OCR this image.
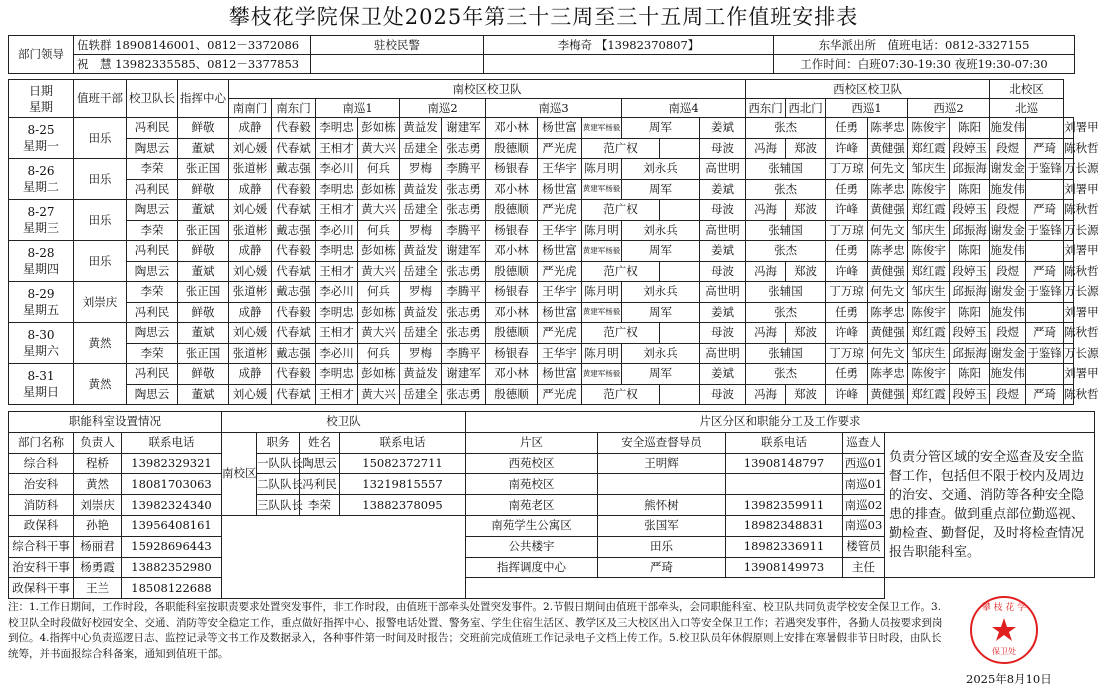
攀枝花学院保卫处2025年第三十三周至三十五周工作值班安排表
部门领导	伍轶群 18908146001、0812－3372086	驻校民警	李梅奇 【13982370807】	东华派出所　值班电话：0812-3327155
	祝　慧 13982335585、0812－3377853			工作时间：白班07:30-19:30 夜班19:30-07:30
日期
星期	值班干部	校卫队长	指挥中心	南校区校卫队												西校区校卫队						北校区		
				南南门	南东门	南巡1		南巡2		南巡3			南巡4			西东门	西北门	西巡1		西巡2		北巡		

8-25
星期一	田乐	冯利民	鲜敬	成静	代春毅	李明忠	彭如栋	黄益发	谢建军	邓小林	杨世富	黄建军杨毅	周军		姜斌	张杰		任勇	陈孝忠	陈俊宇	陈阳	施发伟		刘署甲
		陶思云	董斌	刘心媛	代春斌	王相才	黄大兴	岳建全	张志勇	殷德顺	严光虎	范广权			母波	冯海	郑波	许峰	黄健强	郑红霞	段婷玉	段煜	严琦	陈秋哲

8-26
星期二	田乐	李荣	张正国	张道彬	戴志强	李必川	何兵	罗梅	李腾平	杨银春	王华宇	陈月明	刘永兵		高世明	张辅国		丁万琼	何先文	邹庆生	邱振海	谢发金	于鉴锋	万长源
		冯利民	鲜敬	成静	代春毅	李明忠	彭如栋	黄益发	张志勇	邓小林	杨世富	黄建军杨毅	周军		姜斌	张杰		任勇	陈孝忠	陈俊宇	陈阳	施发伟		刘署甲

8-27
星期三	田乐	陶思云	董斌	刘心媛	代春斌	王相才	黄大兴	岳建全	张志勇	殷德顺	严光虎	范广权			母波	冯海	郑波	许峰	黄健强	郑红霞	段婷玉	段煜	严琦	陈秋哲
		李荣	张正国	张道彬	戴志强	李必川	何兵	罗梅	李腾平	杨银春	王华宇	陈月明	刘永兵		高世明	张辅国		丁万琼	何先文	邹庆生	邱振海	谢发金	于鉴锋	万长源

8-28
星期四	田乐	冯利民	鲜敬	成静	代春毅	李明忠	彭如栋	黄益发	谢建军	邓小林	杨世富	黄建军杨毅	周军		姜斌	张杰		任勇	陈孝忠	陈俊宇	陈阳	施发伟		刘署甲
		陶思云	董斌	刘心媛	代春斌	王相才	黄大兴	岳建全	张志勇	殷德顺	严光虎	范广权			母波	冯海	郑波	许峰	黄健强	郑红霞	段婷玉	段煜	严琦	陈秋哲

8-29
星期五	刘崇庆	李荣	张正国	张道彬	戴志强	李必川	何兵	罗梅	李腾平	杨银春	王华宇	陈月明	刘永兵		高世明	张辅国		丁万琼	何先文	邹庆生	邱振海	谢发金	于鉴锋	万长源
		冯利民	鲜敬	成静	代春毅	李明忠	彭如栋	黄益发	张志勇	邓小林	杨世富	黄建军杨毅	周军		姜斌	张杰		任勇	陈孝忠	陈俊宇	陈阳	施发伟		刘署甲

8-30
星期六	黄然	陶思云	董斌	刘心媛	代春斌	王相才	黄大兴	岳建全	张志勇	殷德顺	严光虎	范广权			母波	冯海	郑波	许峰	黄健强	郑红霞	段婷玉	段煜	严琦	陈秋哲
		李荣	张正国	张道彬	戴志强	李必川	何兵	罗梅	李腾平	杨银春	王华宇	陈月明	刘永兵		高世明	张辅国		丁万琼	何先文	邹庆生	邱振海	谢发金	于鉴锋	万长源

8-31
星期日	黄然	冯利民	鲜敬	成静	代春毅	李明忠	彭如栋	黄益发	谢建军	邓小林	杨世富	黄建军杨毅	周军		姜斌	张杰		任勇	陈孝忠	陈俊宇	陈阳	施发伟		刘署甲
		陶思云	董斌	刘心媛	代春斌	王相才	黄大兴	岳建全	张志勇	殷德顺	严光虎	范广权			母波	冯海	郑波	许峰	黄健强	郑红霞	段婷玉	段煜	严琦	陈秋哲
职能科室设置情况			校卫队				片区分区和职能分工及工作要求				
部门名称	负责人	联系电话	南校区	职务	姓名	联系电话	片区	安全巡查督导员	联系电话	巡查人	负责分管区域的安全巡查及安全监督工作，包括但不限于校内及周边的治安、交通、消防等各种安全隐患的排查。做到重点部位勤巡视、勤检查、勤督促，及时将检查情况报告职能科室。
综合科	程桥	13982329321		一队队长	陶思云	15082372711	西苑校区	王明辉	13908148797	西巡01	
治安科	黄然	18081703063		二队队长	冯利民	13219815557	南苑校区			南巡01	
消防科	刘崇庆	13982324340		三队队长	李荣	13882378095	南苑老区	熊怀树	13982359911	南巡02	
政保科	孙艳	13956408161					南苑学生公寓区	张国军	18982348831	南巡03	
综合科干事	杨丽君	15928696443					公共楼宇	田乐	18982336911	楼管员	
治安科干事	杨勇霞	13882352980					指挥调度中心	严琦	13908149973	主任	
政保科干事	王兰	18508122688									
注：1.工作日期间，工作时段，各职能科室按职责要求处置突发事件，非工作时段，由值班干部牵头处置突发事件。2.节假日期间由值班干部牵头，会同职能科室、校卫队共同负责学校安全保卫工作。3.校卫队全时段做好校园安全、交通、消防等安全稳定工作，重点做好指挥中心、报警电话处置、警务室、学生住宿生活区、教学区及三大校区出入口等安全保卫工作；若遇突发事件，各勤人员按要求到岗到位。4.指挥中心负责巡逻日志、监控记录等文书工作及数据录入，各种事件第一时间及时报告；交班前完成值班工作记录电子文档上传工作。5.校卫队员年休假原则上安排在寒暑假非节日时段，由队长统筹，并书面报综合科备案，通知到值班干部。
攀 枝 花 学
保卫处
2025年8月10日
